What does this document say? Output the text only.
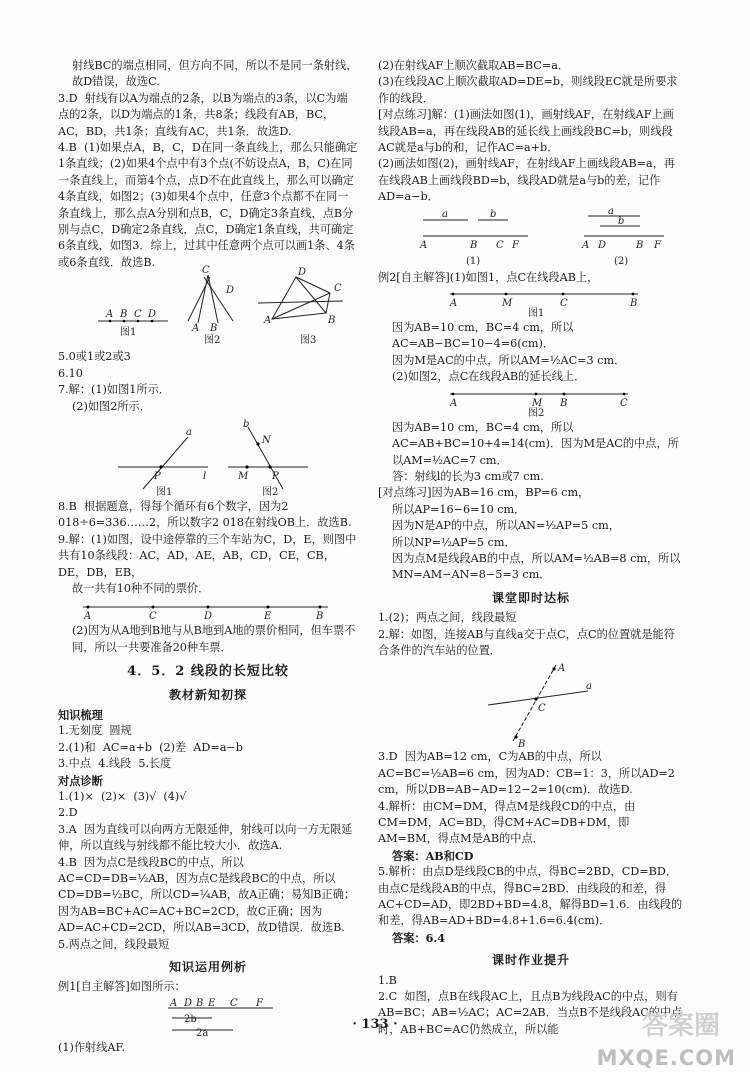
射线BC的端点相同，但方向不同，所以不是同一条射线，故D错误，故选C.

3.D  射线有以A为端点的2条，以B为端点的3条，以C为端点的2条，以D为端点的1条，共8条；线段有AB，BC，AC，BD，共1条；直线有AC，共1条．故选D.

4.B  (1)如果点A，B，C，D在同一条直线上，那么只能确定1条直线；(2)如果4个点中有3个点(不妨设点A，B，C)在同一条直线上，而第4个点，点D不在此直线上，那么可以确定4条直线，如图2；(3)如果4个点中，任意3个点都不在同一条直线上，那么点A分别和点B，C，D确定3条直线，点B分别与点C，D确定2条直线，点C，D确定1条直线，共可确定6条直线，如图3．综上，过其中任意两个点可以画1条、4条或6条直线．故选B.

A B C D
图1	A B
D
C
图2
A	B
C
D
图3

5.0或1或2或3

6.10

7.解：(1)如图1所示．

(2)如图2所示．

a
P	l
图1
b
N
M P
图2

8.B  根据题意，得每个循环有6个数字，因为2 018÷6=336……2，所以数字2 018在射线OB上．故选B.

9.解：(1)如图，设中途停靠的三个车站为C，D，E，则图中共有10条线段：AC，AD，AE，AB，CD，CE，CB，DE，DB，EB，

故一共有10种不同的票价．

A	C	D	E	B

(2)因为从A地到B地与从B地到A地的票价相同，但车票不同，所以一共要准备20种车票．

4．5．2 线段的长短比较
教材新知初探

知识梳理

1.无刻度  圆规

2.(1)和  AC=a+b  (2)差  AD=a−b

3.中点  4.线段  5.长度

对点诊断

1.(1)×  (2)×  (3)√  (4)√

2.D

3.A  因为直线可以向两方无限延伸，射线可以向一方无限延伸，所以直线与射线都不能比较大小．故选A.

4.B  因为点C是线段BC的中点，所以AC=CD=DB=½AB，因为点C是线段BC的中点，所以CD=DB=½BC，所以CD=¼AB，故A正确；易知B正确；因为AB=BC+AC=AC+BC=2CD，故C正确；因为AD=AC+CD=2CD，所以AB=3CD，故D错误．故选B.

5.两点之间，线段最短

知识运用例析

例1[自主解答]如图所示：

A D B E C F
2b
2a

(1)作射线AF.

(2)在射线AF上顺次截取AB=BC=a．

(3)在线段AC上顺次截取AD=DE=b，则线段EC就是所要求作的线段．

[对点练习]解：(1)画法如图(1)，画射线AF，在射线AF上画线段AB=a，再在线段AB的延长线上画线段BC=b，则线段AC就是a与b的和，记作AC=a+b．

(2)画法如图(2)，画射线AF，在射线AF上画线段AB=a，再在线段AB上画线段BD=b，线段AD就是a与b的差，记作AD=a−b．

a	b
A	B C F
(1)
a
b
A D	B F
(2)

例2[自主解答](1)如图1，点C在线段AB上，

A	M	C	B
图1

因为AB=10 cm，BC=4 cm，所以AC=AB−BC=10−4=6(cm)．

因为M是AC的中点，所以AM=½AC=3 cm．

(2)如图2，点C在线段AB的延长线上．

A	M B	C
图2

因为AB=10 cm，BC=4 cm，所以AC=AB+BC=10+4=14(cm)．因为M是AC的中点，所以AM=½AC=7 cm．

答：射线l的长为3 cm或7 cm.

[对点练习]因为AB=16 cm，BP=6 cm，

所以AP=16−6=10 cm．

因为N是AP的中点，所以AN=½AP=5 cm，

所以NP=½AP=5 cm．

因为点M是线段AB的中点，所以AM=½AB=8 cm，所以MN=AM−AN=8−5=3 cm．

课堂即时达标

1.(2)；两点之间，线段最短

2.解：如图，连接AB与直线a交于点C，点C的位置就是能符合条件的汽车站的位置．

A
C
a
B

3.D  因为AB=12 cm，C为AB的中点，所以AC=BC=½AB=6 cm，因为AD：CB=1：3，所以AD=2 cm，所以DB=AB−AD=12−2=10(cm)．故选D.

4.解析：由CM=DM，得点M是线段CD的中点，由CM=DM，AC=BD，得CM+AC=DB+DM，即AM=BM，得点M是AB的中点．

答案：AB和CD

5.解析：由点D是线段CB的中点，得BC=2BD，CD=BD．由点C是线段AB的中点，得BC=2BD．由线段的和差，得AC+CD=AD，即2BD+BD=4.8，解得BD=1.6．由线段的和差，得AB=AD+BD=4.8+1.6=6.4(cm)．

答案：6.4

课时作业提升

1.B

2.C  如图，点B在线段AC上，且点B为线段AC的中点，则有AB=BC；AB=½AC；AC=2AB．当点B不是线段AC的中点时，AB+BC=AC仍然成立，所以能

· 133 ·	答案圈
MXQE.COM
